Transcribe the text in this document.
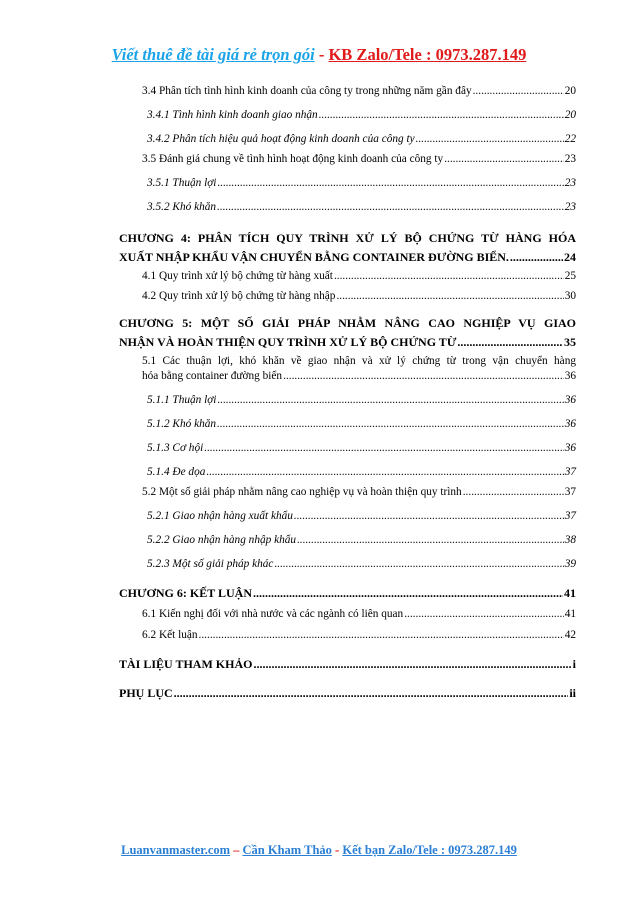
Viết thuê đề tài giá rẻ trọn gói - KB Zalo/Tele : 0973.287.149
3.4 Phân tích tình hình kinh doanh của công ty trong những năm gần đây .....	20
3.4.1 Tình hình kinh doanh giao nhận .....	20
3.4.2 Phân tích hiệu quả hoạt động kinh doanh của công ty .....	22
3.5 Đánh giá chung về tình hình hoạt động kinh doanh của công ty .....	23
3.5.1 Thuận lợi .....	23
3.5.2 Khó khăn .....	23
CHƯƠNG 4: PHÂN TÍCH QUY TRÌNH XỬ LÝ BỘ CHỨNG TỪ HÀNG HÓA
XUẤT NHẬP KHẨU VẬN CHUYỂN BẰNG CONTAINER ĐƯỜNG BIỂN. .....	24
4.1 Quy trình xử lý bộ chứng từ hàng xuất .....	25
4.2 Quy trình xử lý bộ chứng từ hàng nhập .....	30
CHƯƠNG 5: MỘT SỐ GIẢI PHÁP NHẰM NÂNG CAO NGHIỆP VỤ GIAO
NHẬN VÀ HOÀN THIỆN QUY TRÌNH XỬ LÝ BỘ CHỨNG TỪ .....	35
5.1 Các thuận lợi, khó khăn về giao nhận và xử lý chứng từ trong vận chuyển hàng
hóa bằng container đường biển .....	36
5.1.1 Thuận lợi .....	36
5.1.2 Khó khăn .....	36
5.1.3 Cơ hội .....	36
5.1.4 Đe dọa .....	37
5.2 Một số giải pháp nhằm nâng cao nghiệp vụ và hoàn thiện quy trình .....	37
5.2.1 Giao nhận hàng xuất khẩu .....	37
5.2.2 Giao nhận hàng nhập khẩu .....	38
5.2.3 Một số giải pháp khác .....	39
CHƯƠNG 6: KẾT LUẬN .....	41
6.1 Kiến nghị đối với nhà nước và các ngành có liên quan .....	41
6.2 Kết luận .....	42
TÀI LIỆU THAM KHẢO .....	i
PHỤ LỤC .....	ii
Luanvanmaster.com – Cần Kham Thảo - Kết bạn Zalo/Tele : 0973.287.149
